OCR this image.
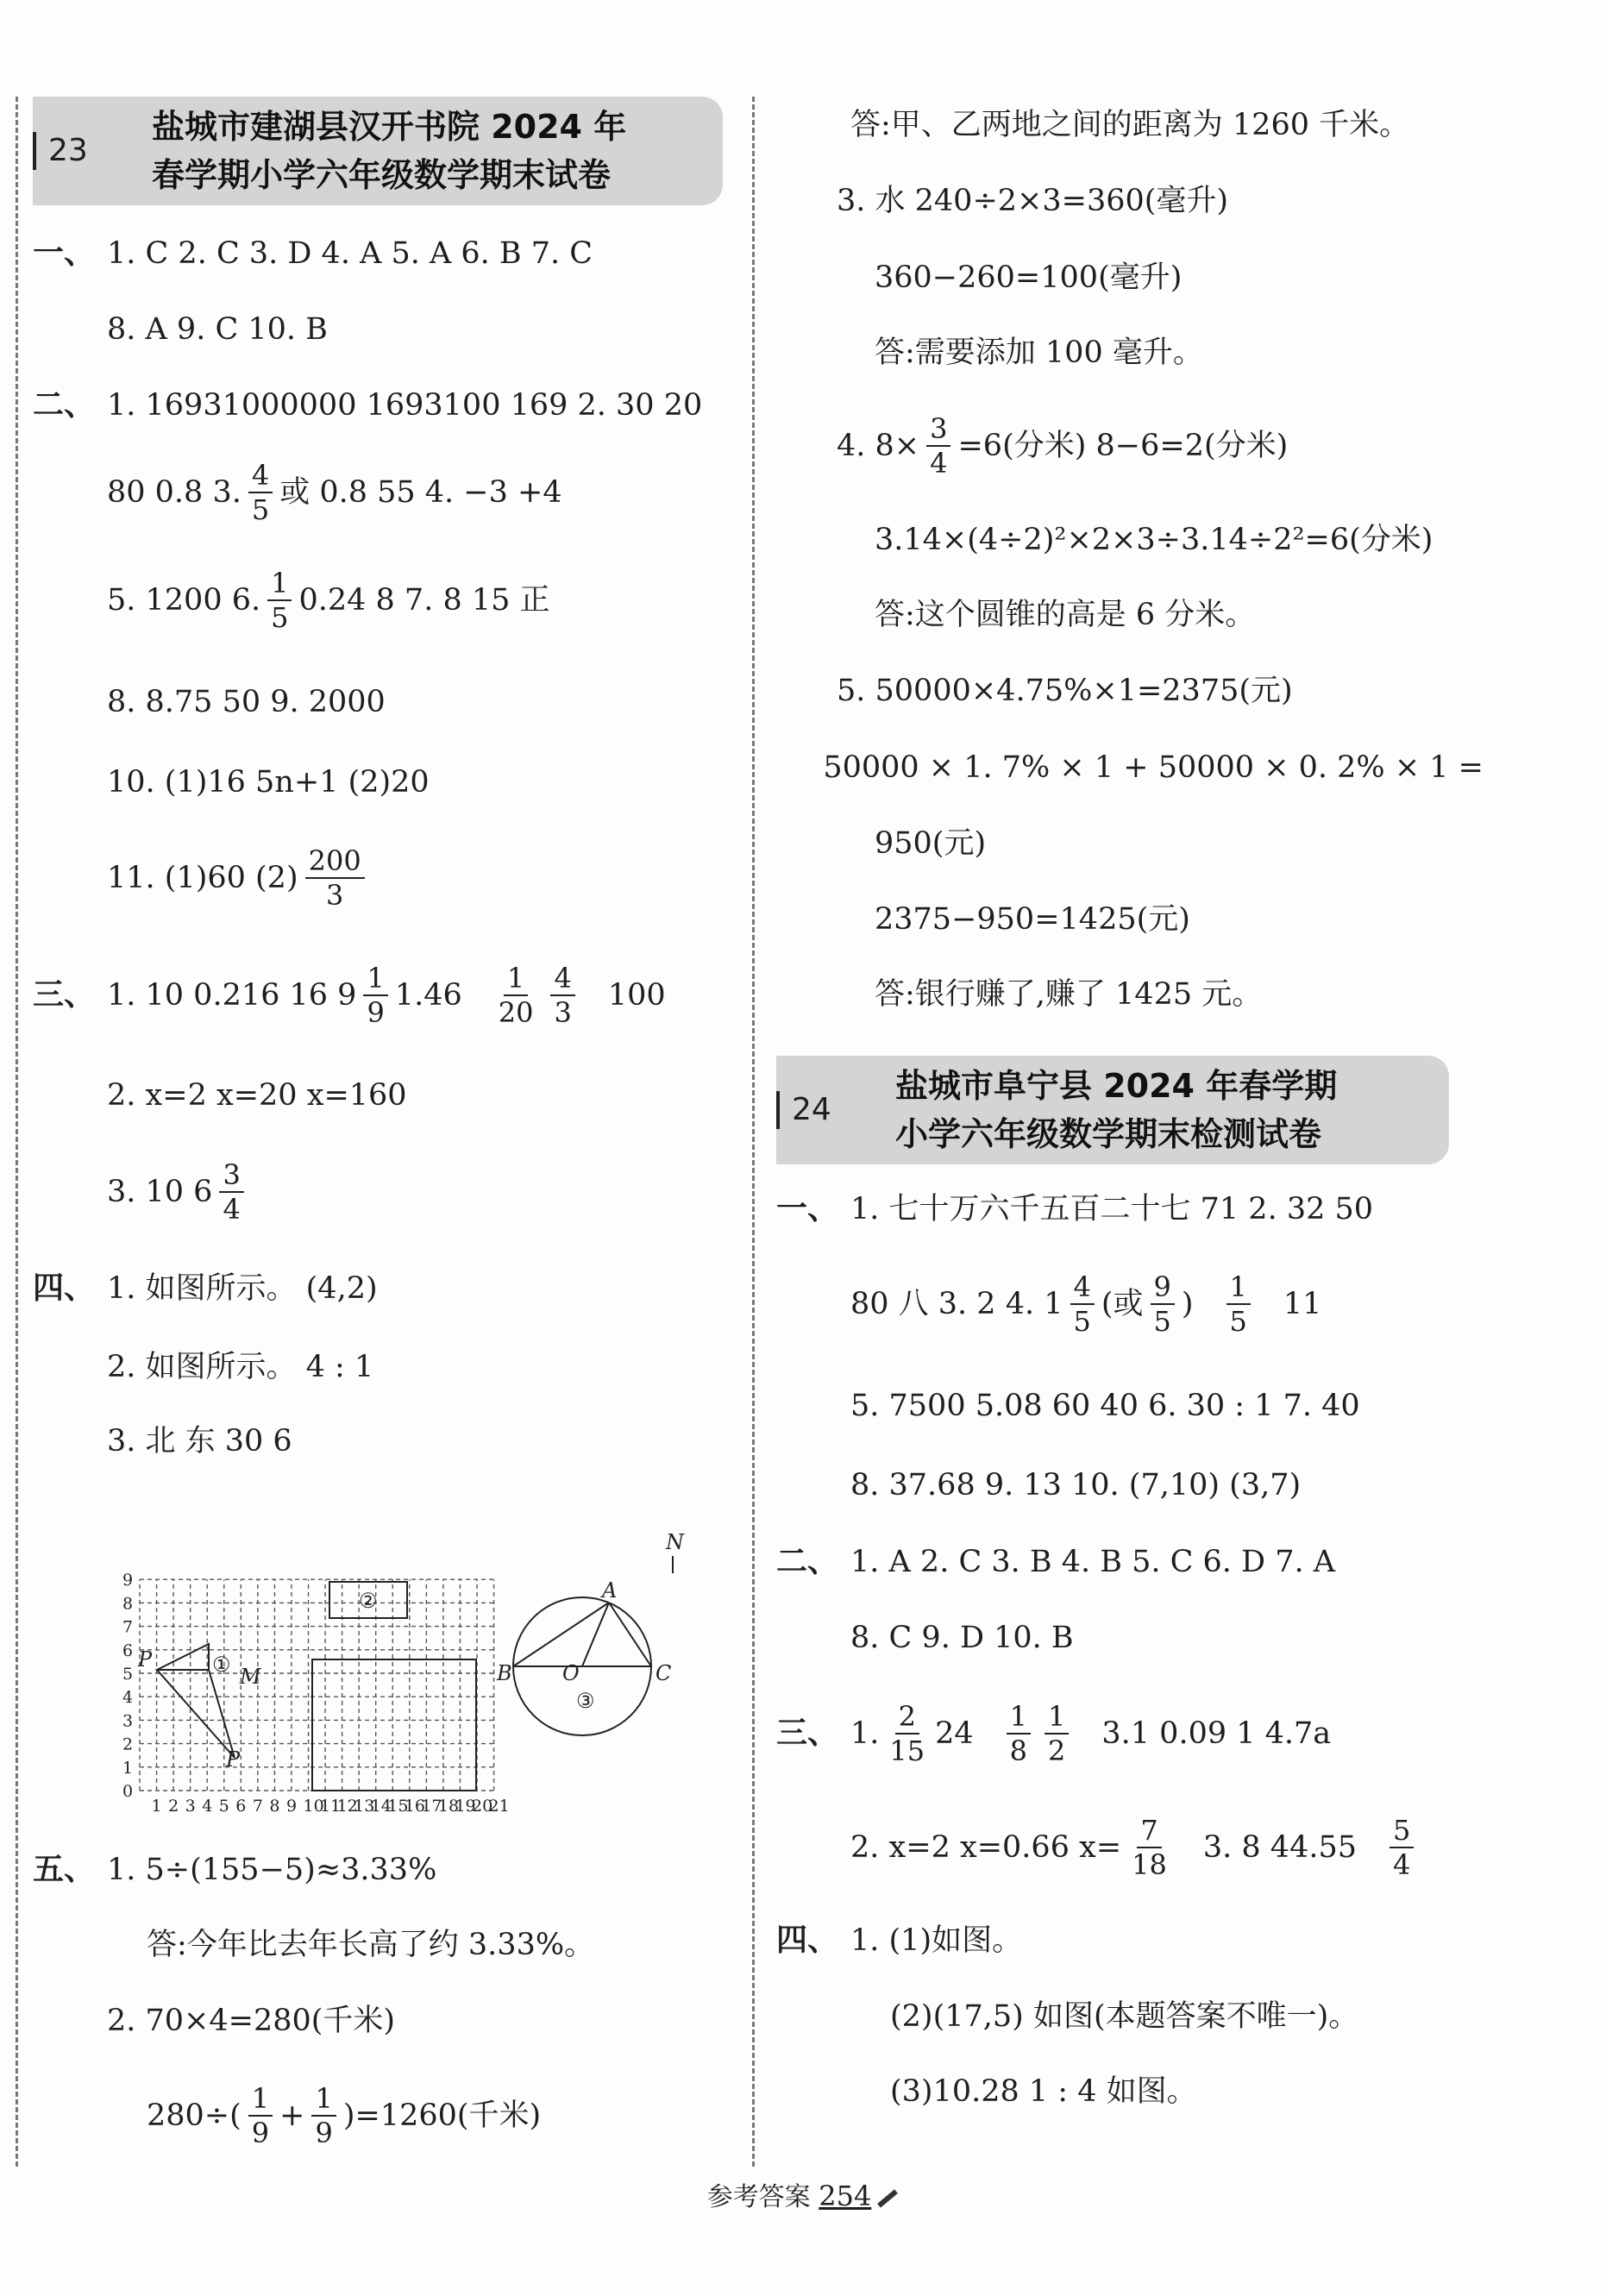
23
盐城市建湖县汉开书院 2024 年
春学期小学六年级数学期末试卷
一、 1. C 2. C 3. D 4. A 5. A 6. B 7. C
8. A 9. C 10. B
二、 1. 16931000000 1693100 169 2. 30 20
80 0.8 3. $\frac{4}{5}$ 或 0.8 55 4. −3 +4
5. 1200 6. $\frac{1}{5} 0.24$ 8 7. 8 15 正
8. 8.75 50 9. 2000
10. (1)16 5n+1 (2)20
11. (1)60 $(2) \frac{200}{3}$
三、 1. 10 0.216 16 $9 \frac{1}{9} 1.46 \frac{1}{20} \frac{4}{3} 100$
2. x=2 x=20 x=160
3. 10 $6 \frac{3}{4}$
四、 1. 如图所示。 (4,2)
2. 如图所示。 4 : 1
3. 北 东 30 6
1 2 3 4 5 6 7 8 9 10
11
12
13
14
15
16
17
18
19
20
21
0
1
2
3
4
5
6
7
8
9
P
P
M
A
B O	C
N
①
②
③
五、 1. 5÷(155−5)≈3.33%
答:今年比去年长高了约 3.33%。
2. 70×4=280(千米)
$280\div( \frac{1}{9} + \frac{1}{9} )=1260$(千米)
答:甲、乙两地之间的距离为 1260 千米。
3. 水 240÷2×3=360(毫升)
360−260=100(毫升)
答:需要添加 100 毫升。
4. $8\times \frac{3}{4} =6$(分米) 8−6=2(分米)
3.14×(4÷2)²×2×3÷3.14÷2²=6(分米)
答:这个圆锥的高是 6 分米。
5. 50000×4.75%×1=2375(元)
50000 × 1. 7% × 1 + 50000 × 0. 2% × 1 =
950(元)
2375−950=1425(元)
答:银行赚了,赚了 1425 元。
24
盐城市阜宁县 2024 年春学期
小学六年级数学期末检测试卷
一、 1. 七十万六千五百二十七 71 2. 32 50
80 八 3. 2 4. $1 \frac{4}{5}$ (或 $\frac{9}{5}$ ) $\frac{1}{5} 11$
5. 7500 5.08 60 40 6. 30 : 1 7. 40
8. 37.68 9. 13 10. (7,10) (3,7)
二、 1. A 2. C 3. B 4. B 5. C 6. D 7. A
8. C 9. D 10. B
三、 1. $\frac{2}{15} 24 \frac{1}{8} \frac{1}{2} 3.1$ 0.09 1 4.7a
2. x=2 x=0.66 $x= \frac{7}{18} 3$. 8 $44.55 \frac{5}{4}$
四、 1. (1)如图。
(2)(17,5) 如图(本题答案不唯一)。
(3)10.28 1 : 4 如图。
参考答案 254
